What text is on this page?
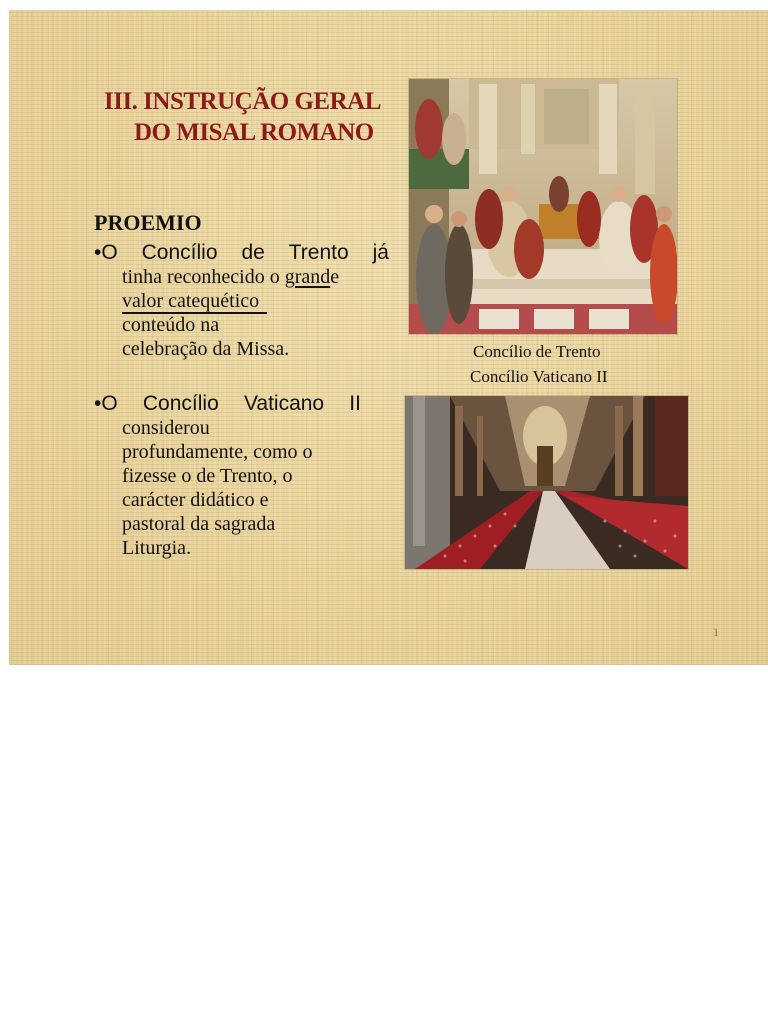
III. INSTRUÇÃO GERAL
DO MISAL ROMANO
PROEMIO
•O Concílio de Trento já
tinha reconhecido o grande
valor catequético
conteúdo na
celebração da Missa.
•O Concílio Vaticano II
considerou
profundamente, como o
fizesse o de Trento, o
carácter didático e
pastoral da sagrada
Liturgia.
Concílio de Trento
Concílio Vaticano II
1
